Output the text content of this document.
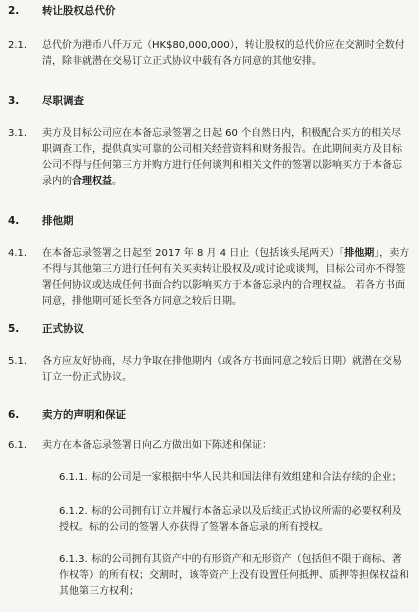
2. 转让股权总代价
2.1. 总代价为港币八仟万元（HK$80,000,000），转让股权的总代价应在交割时全数付清，除非就潜在交易订立正式协议中载有各方同意的其他安排。
3. 尽职调查
3.1. 卖方及目标公司应在本备忘录签署之日起 60 个自然日内，积极配合买方的相关尽职调查工作，提供真实可靠的公司相关经营资料和财务报告。在此期间卖方及目标公司不得与任何第三方并购方进行任何谈判和相关文件的签署以影响买方于本备忘录内的合理权益。
4. 排他期
4.1. 在本备忘录签署之日起至 2017 年 8 月 4 日止（包括该头尾两天）「排他期」，卖方不得与其他第三方进行任何有关买卖转让股权及/或讨论或谈判，目标公司亦不得签署任何协议或达成任何书面合约以影响买方于本备忘录内的合理权益。 若各方书面同意，排他期可延长至各方同意之较后日期。
5. 正式协议
5.1. 各方应友好协商，尽力争取在排他期内（或各方书面同意之较后日期）就潜在交易订立一份正式协议。
6. 卖方的声明和保证
6.1. 卖方在本备忘录签署日向乙方做出如下陈述和保证：
6.1.1. 标的公司是一家根据中华人民共和国法律有效组建和合法存续的企业；
6.1.2. 标的公司拥有订立并履行本备忘录以及后续正式协议所需的必要权利及授权。标的公司的签署人亦获得了签署本备忘录的所有授权。
6.1.3. 标的公司拥有其资产中的有形资产和无形资产（包括但不限于商标、著作权等）的所有权；交割时，该等资产上没有设置任何抵押、质押等担保权益和其他第三方权利；
